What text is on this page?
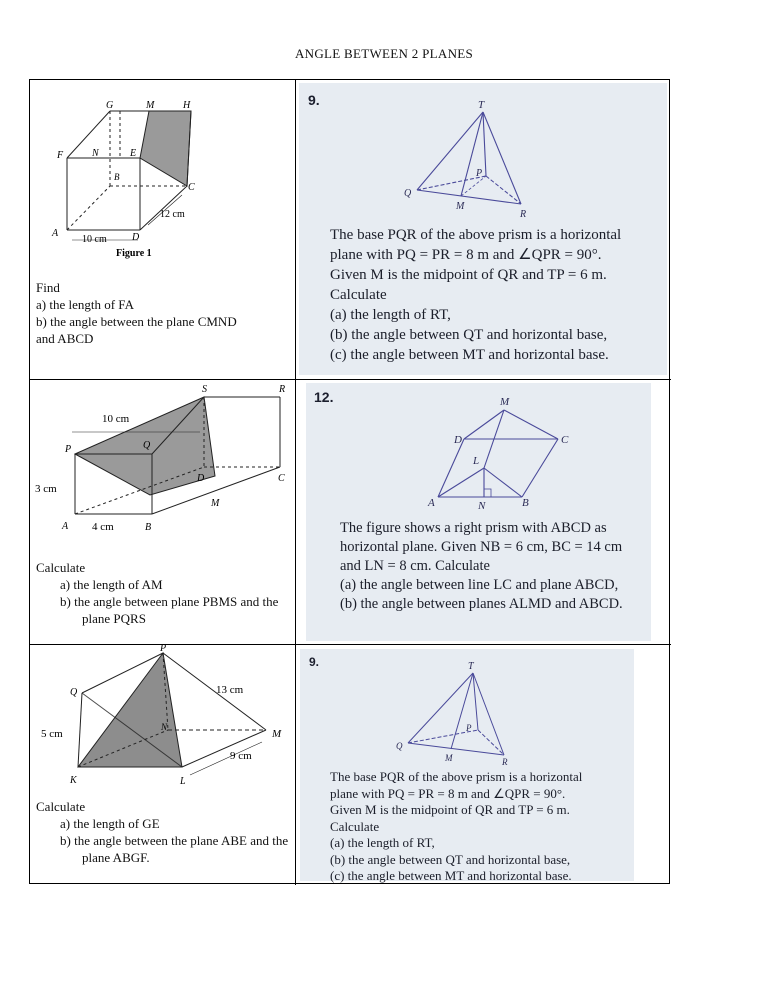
ANGLE BETWEEN 2 PLANES
G	M	H
F	N	E
B
C
A	D
12 cm
10 cm
Figure 1
Find
a) the length of FA
b) the angle between the plane CMND
and ABCD
S	R
P	Q
D	C
M
A	B
10 cm
3 cm
4 cm
Calculate
a) the length of AM
b) the angle between plane PBMS and the plane PQRS
P
Q
N
M
K	L
13 cm
5 cm
9 cm
Calculate
a) the length of GE
b) the angle between the plane ABE and the plane ABGF.
9.	T
P
Q
M
R
The base PQR of the above prism is a horizontal
plane with PQ = PR = 8 m and ∠QPR = 90°.
Given M is the midpoint of QR and TP = 6 m.
Calculate
(a) the length of RT,
(b) the angle between QT and horizontal base,
(c) the angle between MT and horizontal base.
12.	M
D	C
L
A	N	B
The figure shows a right prism with ABCD as
horizontal plane. Given NB = 6 cm, BC = 14 cm
and LN = 8 cm. Calculate
(a) the angle between line LC and plane ABCD,
(b) the angle between planes ALMD and ABCD.
9.	T
P
Q
M	R
The base PQR of the above prism is a horizontal
plane with PQ = PR = 8 m and ∠QPR = 90°.
Given M is the midpoint of QR and TP = 6 m.
Calculate
(a) the length of RT,
(b) the angle between QT and horizontal base,
(c) the angle between MT and horizontal base.
